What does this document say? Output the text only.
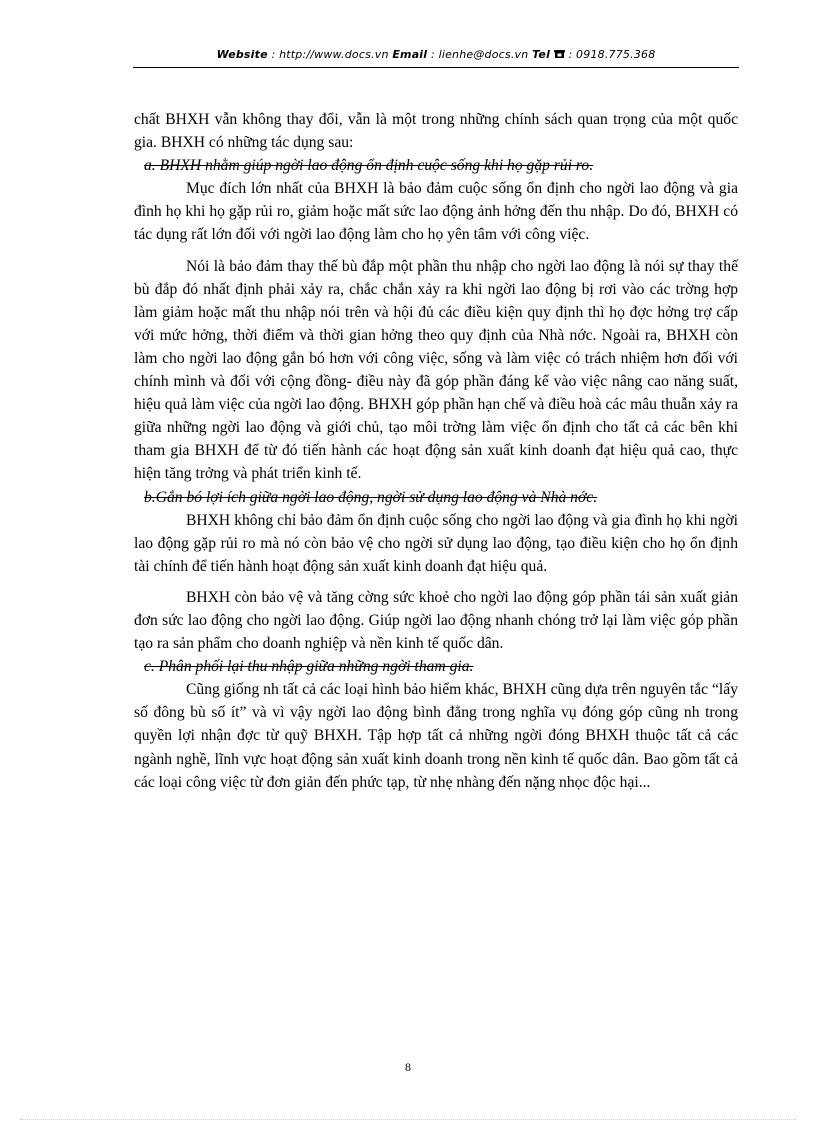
Website : http://www.docs.vn Email : lienhe@docs.vn Tel  : 0918.775.368

chất BHXH vẫn không thay đổi, vẫn là một trong những chính sách quan trọng của một quốc gia. BHXH có những tác dụng sau:

a. BHXH nhằm giúp ngời lao động ổn định cuộc sống khi họ gặp rủi ro.

Mục đích lớn nhất của BHXH là bảo đảm cuộc sống ổn định cho ngời lao động và gia đình họ khi họ gặp rủi ro, giảm hoặc mất sức lao động ảnh hởng đến thu nhập. Do đó, BHXH có tác dụng rất lớn đối với ngời lao động làm cho họ yên tâm với công việc.

Nói là bảo đảm thay thế bù đắp một phần thu nhập cho ngời lao động là nói sự thay thế bù đắp đó nhất định phải xảy ra, chắc chắn xảy ra khi ngời lao động bị rơi vào các trờng hợp làm giảm hoặc mất thu nhập nói trên và hội đủ các điều kiện quy định thì họ đợc hởng trợ cấp với mức hởng, thời điểm và thời gian hởng theo quy định của Nhà nớc. Ngoài ra, BHXH còn làm cho ngời lao động gắn bó hơn với công việc, sống và làm việc có trách nhiệm hơn đối với chính mình và đối với cộng đồng- điều này đã góp phần đáng kể vào việc nâng cao năng suất, hiệu quả làm việc của ngời lao động. BHXH góp phần hạn chế và điều hoà các mâu thuẫn xảy ra giữa những ngời lao động và giới chủ, tạo môi trờng làm việc ổn định cho tất cả các bên khi tham gia BHXH để từ đó tiến hành các hoạt động sản xuất kinh doanh đạt hiệu quả cao, thực hiện tăng trởng và phát triển kinh tế.

b.Gắn bó lợi ích giữa ngời lao động, ngời sử dụng lao động và Nhà nớc.

BHXH không chỉ bảo đảm ổn định cuộc sống cho ngời lao động và gia đình họ khi ngời lao động gặp rủi ro mà nó còn bảo vệ cho ngời sử dụng lao động, tạo điều kiện cho họ ổn định tài chính để tiến hành hoạt động sản xuất kinh doanh đạt hiệu quả.

BHXH còn bảo vệ và tăng cờng sức khoẻ cho ngời lao động góp phần tái sản xuất giản đơn sức lao động cho ngời lao động. Giúp ngời lao động nhanh chóng trở lại làm việc góp phần tạo ra sản phẩm cho doanh nghiệp và nền kinh tế quốc dân.

c. Phân phối lại thu nhập giữa những ngời tham gia.

Cũng giống nh tất cả các loại hình bảo hiểm khác, BHXH cũng dựa trên nguyên tắc “lấy số đông bù số ít” và vì vậy ngời lao động bình đẳng trong nghĩa vụ đóng góp cũng nh trong quyền lợi nhận đợc từ quỹ BHXH. Tập hợp tất cả những ngời đóng BHXH thuộc tất cả các ngành nghề, lĩnh vực hoạt động sản xuất kinh doanh trong nền kinh tế quốc dân. Bao gồm tất cả các loại công việc từ đơn giản đến phức tạp, từ nhẹ nhàng đến nặng nhọc độc hại...

8
